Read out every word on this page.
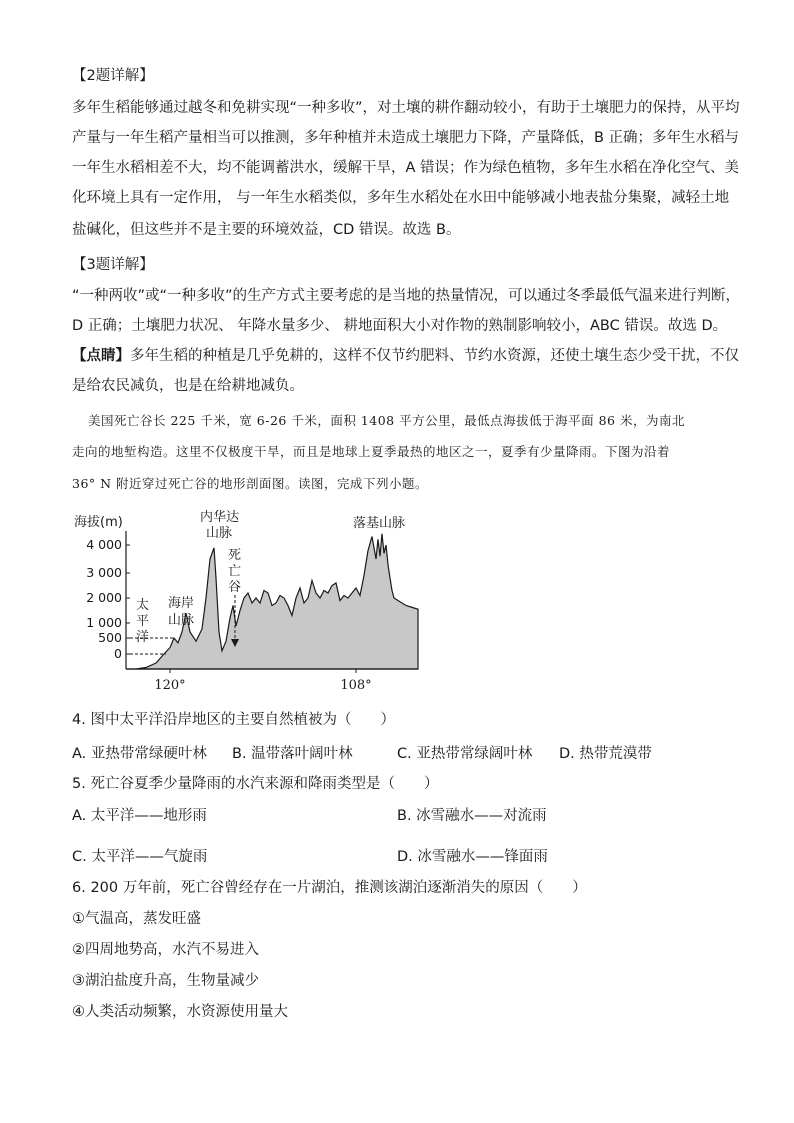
【2题详解】
多年生稻能够通过越冬和免耕实现“一种多收”，对土壤的耕作翻动较小，有助于土壤肥力的保持，从平均
产量与一年生稻产量相当可以推测，多年种植并未造成土壤肥力下降，产量降低，B 正确；多年生水稻与
一年生水稻相差不大，均不能调蓄洪水，缓解干旱，A 错误；作为绿色植物，多年生水稻在净化空气、美
化环境上具有一定作用， 与一年生水稻类似，多年生水稻处在水田中能够减小地表盐分集聚，减轻土地
盐碱化，但这些并不是主要的环境效益，CD 错误。故选 B。
【3题详解】
“一种两收”或“一种多收”的生产方式主要考虑的是当地的热量情况，可以通过冬季最低气温来进行判断，
D 正确；土壤肥力状况、 年降水量多少、 耕地面积大小对作物的熟制影响较小，ABC 错误。故选 D。
【点睛】多年生稻的种植是几乎免耕的，这样不仅节约肥料、节约水资源，还使土壤生态少受干扰，不仅
是给农民减负，也是在给耕地减负。
美国死亡谷长 225 千米，宽 6-26 千米，面积 1408 平方公里，最低点海拔低于海平面 86 米，为南北
走向的地堑构造。这里不仅极度干旱，而且是地球上夏季最热的地区之一，夏季有少量降雨。下图为沿着
36° N 附近穿过死亡谷的地形剖面图。读图，完成下列小题。
海拔(m)
4 000
3 000
2 000
1 000
500
0
120°	108°
太
平
洋
海岸
山脉
内华达
山脉
死
亡
谷
落基山脉
4. 图中太平洋沿岸地区的主要自然植被为（　　）
A. 亚热带常绿硬叶林 B. 温带落叶阔叶林	C. 亚热带常绿阔叶林 D. 热带荒漠带
5. 死亡谷夏季少量降雨的水汽来源和降雨类型是（　　）
A. 太平洋——地形雨	B. 冰雪融水——对流雨
C. 太平洋——气旋雨	D. 冰雪融水——锋面雨
6. 200 万年前，死亡谷曾经存在一片湖泊，推测该湖泊逐渐消失的原因（　　）
①气温高，蒸发旺盛
②四周地势高，水汽不易进入
③湖泊盐度升高，生物量减少
④人类活动频繁，水资源使用量大
